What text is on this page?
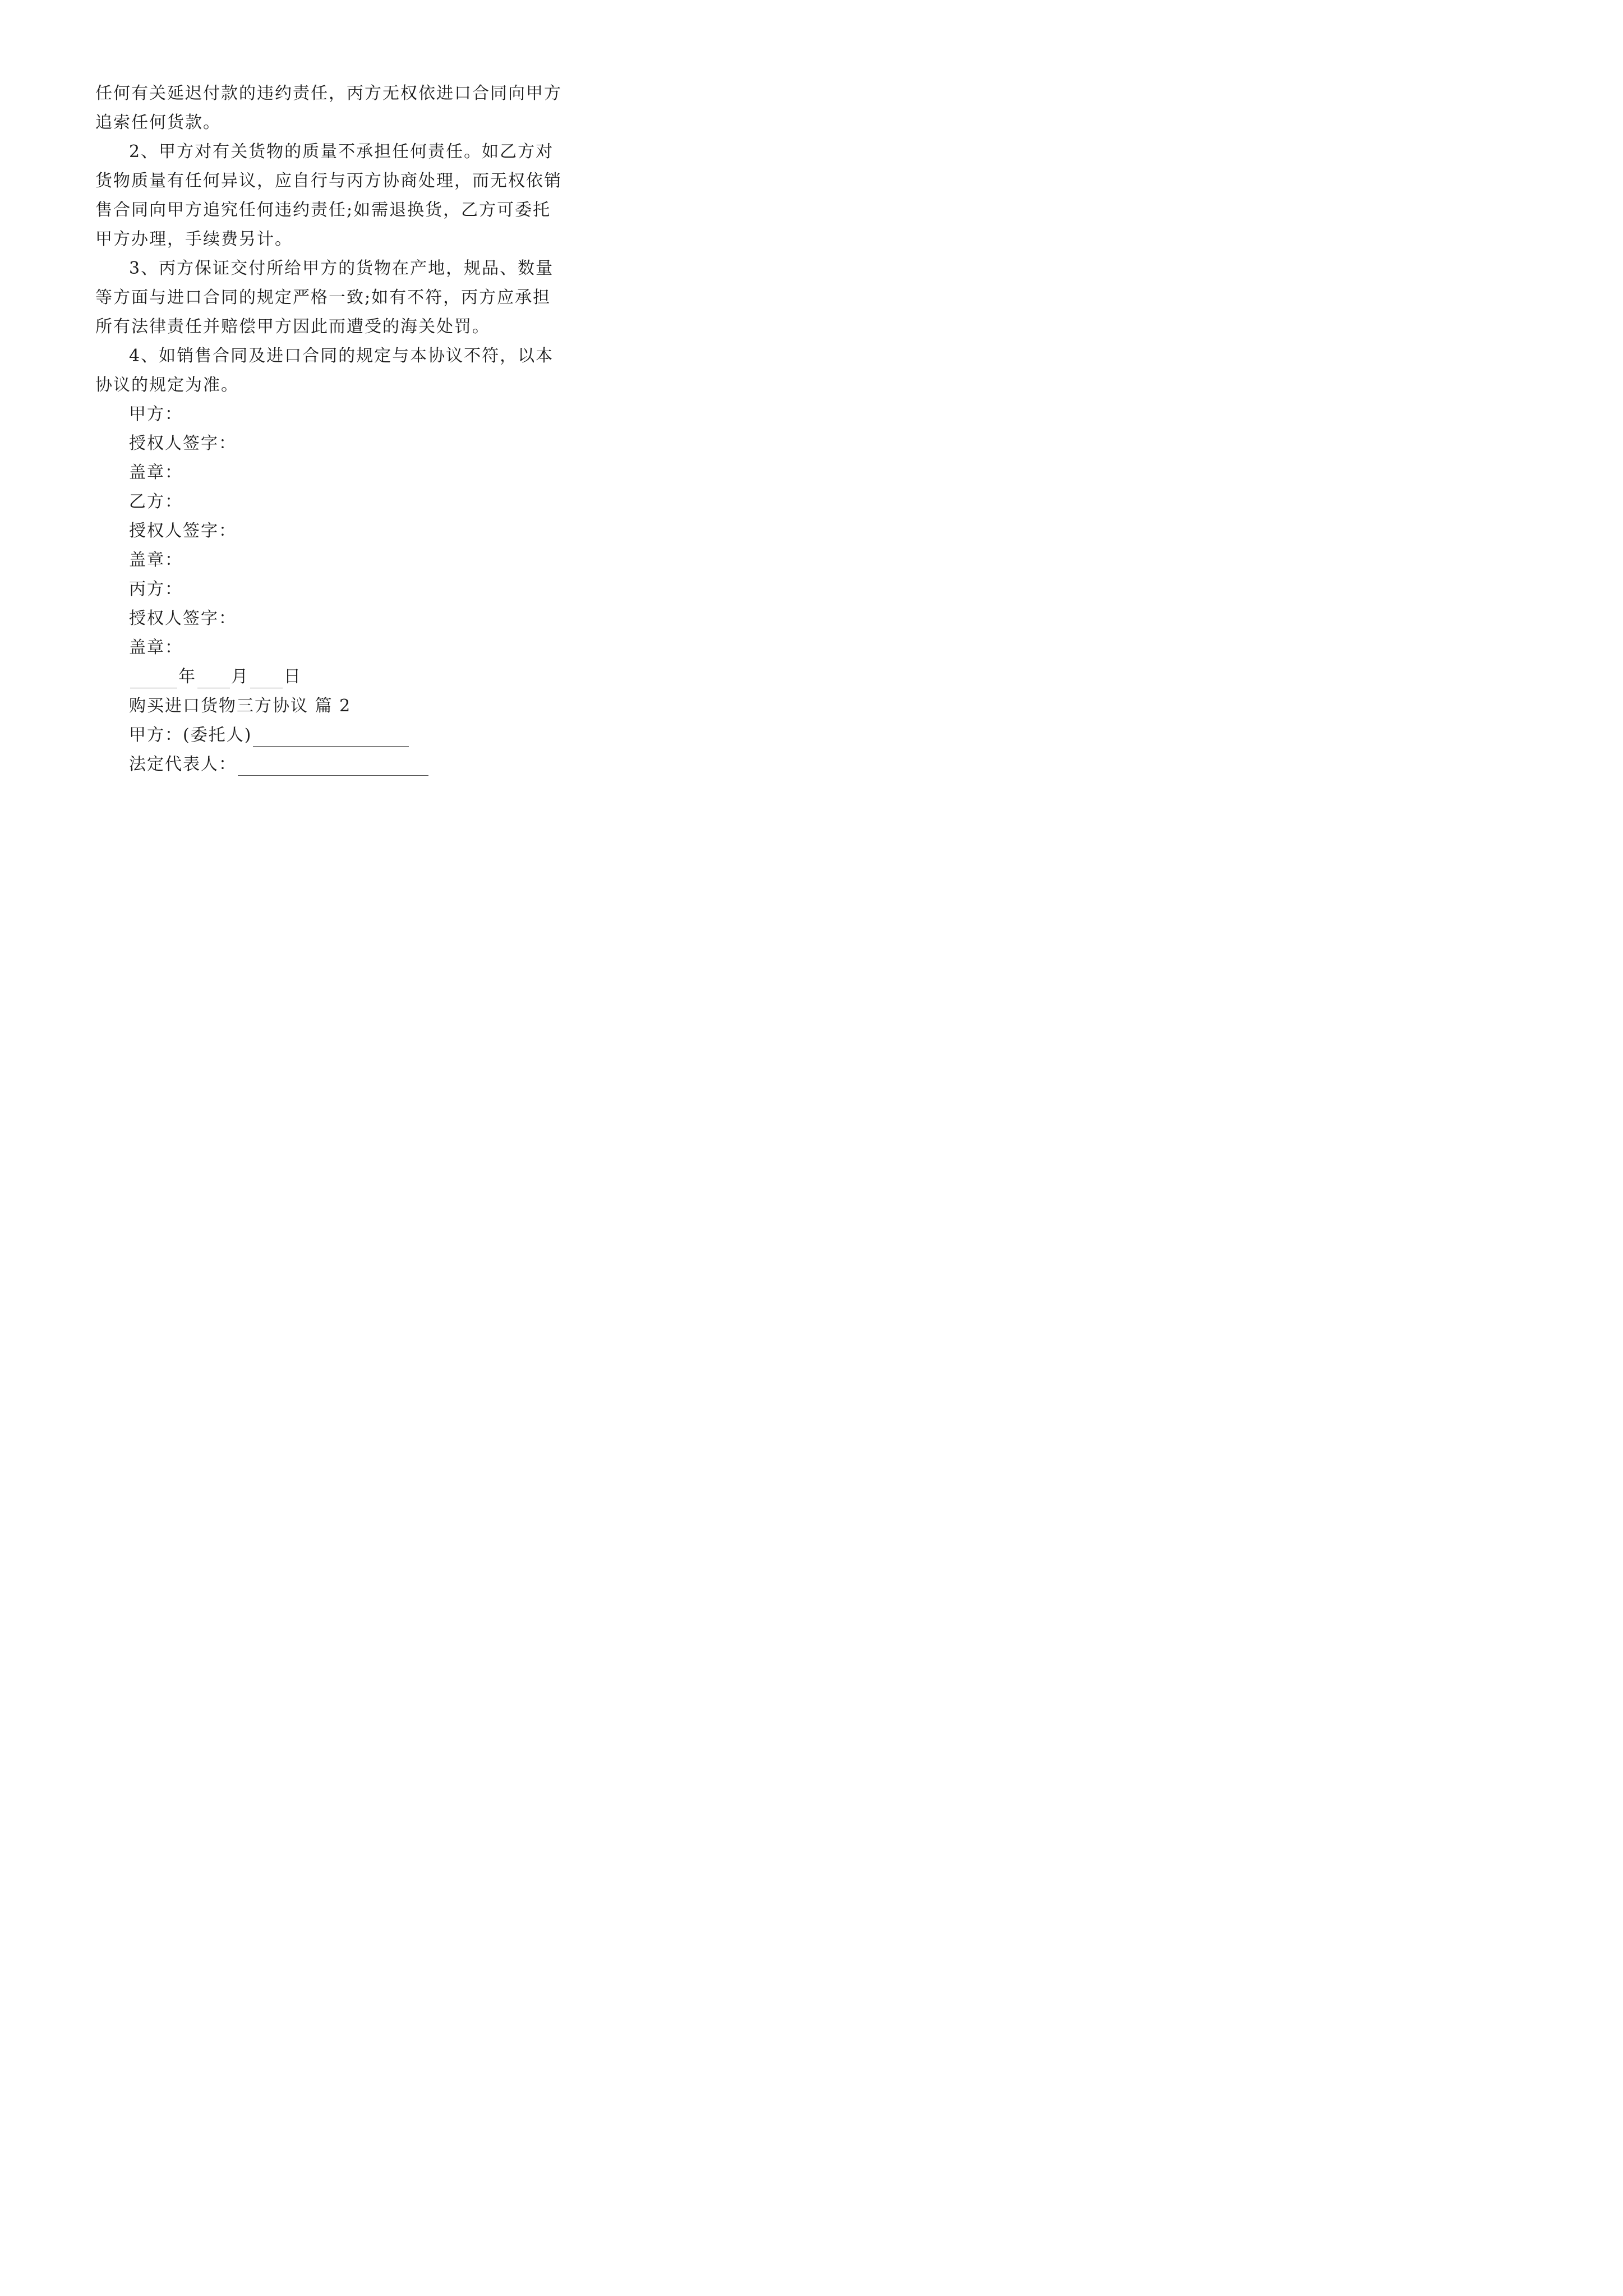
任何有关延迟付款的违约责任，丙方无权依进口合同向甲方
追索任何货款。
2、甲方对有关货物的质量不承担任何责任。如乙方对
货物质量有任何异议，应自行与丙方协商处理，而无权依销
售合同向甲方追究任何违约责任;如需退换货，乙方可委托
甲方办理，手续费另计。
3、丙方保证交付所给甲方的货物在产地，规品、数量
等方面与进口合同的规定严格一致;如有不符，丙方应承担
所有法律责任并赔偿甲方因此而遭受的海关处罚。
4、如销售合同及进口合同的规定与本协议不符，以本
协议的规定为准。
甲方：
授权人签字：
盖章：
乙方：
授权人签字：
盖章：
丙方：
授权人签字：
盖章：
年 月 日
购买进口货物三方协议 篇 2
甲方：(委托人)
法定代表人：
